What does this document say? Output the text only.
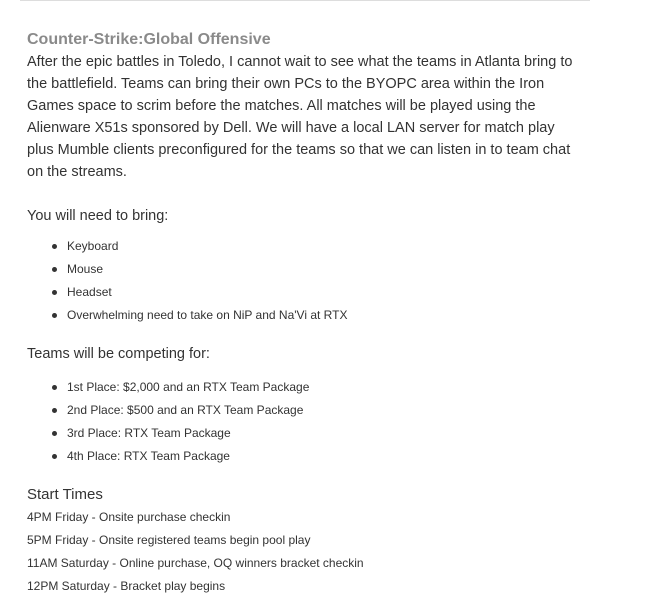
Counter-Strike:Global Offensive

After the epic battles in Toledo, I cannot wait to see what the teams in Atlanta bring to

the battlefield. Teams can bring their own PCs to the BYOPC area within the Iron

Games space to scrim before the matches. All matches will be played using the

Alienware X51s sponsored by Dell. We will have a local LAN server for match play

plus Mumble clients preconfigured for the teams so that we can listen in to team chat

on the streams.

You will need to bring:

Keyboard
Mouse
Headset
Overwhelming need to take on NiP and Na'Vi at RTX

Teams will be competing for:

1st Place: $2,000 and an RTX Team Package
2nd Place: $500 and an RTX Team Package
3rd Place: RTX Team Package
4th Place: RTX Team Package

Start Times

4PM Friday - Onsite purchase checkin
5PM Friday - Onsite registered teams begin pool play
11AM Saturday - Online purchase, OQ winners bracket checkin
12PM Saturday - Bracket play begins
